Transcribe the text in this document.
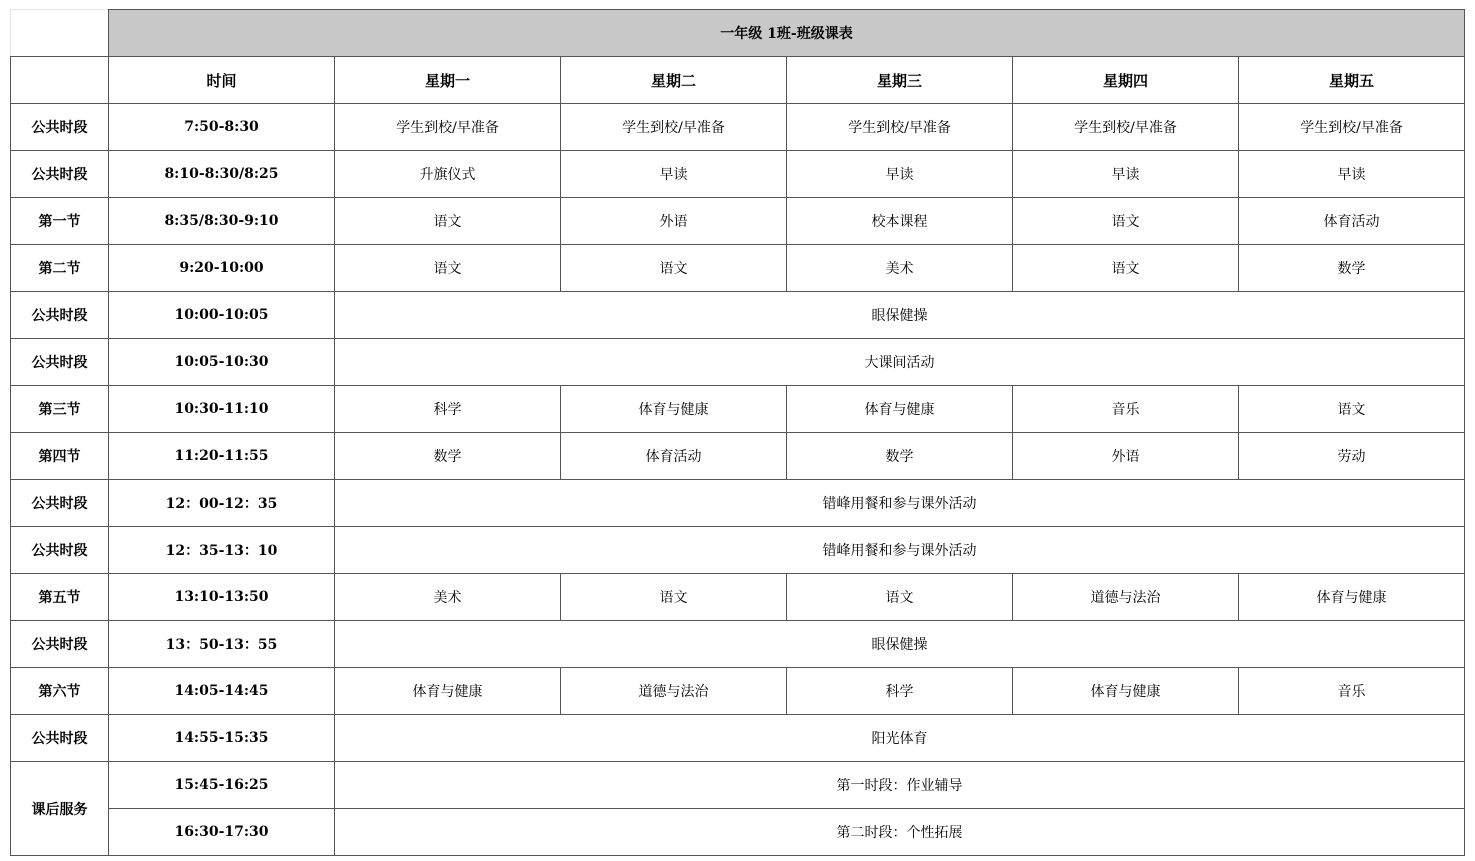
	一年级 1班-班级课表					
	时间	星期一	星期二	星期三	星期四	星期五
公共时段	7:50-8:30	学生到校/早准备	学生到校/早准备	学生到校/早准备	学生到校/早准备	学生到校/早准备
公共时段	8:10-8:30/8:25	升旗仪式	早读	早读	早读	早读
第一节	8:35/8:30-9:10	语文	外语	校本课程	语文	体育活动
第二节	9:20-10:00	语文	语文	美术	语文	数学
公共时段	10:00-10:05	眼保健操				
公共时段	10:05-10:30	大课间活动				
第三节	10:30-11:10	科学	体育与健康	体育与健康	音乐	语文
第四节	11:20-11:55	数学	体育活动	数学	外语	劳动
公共时段	12：00-12：35	错峰用餐和参与课外活动				
公共时段	12：35-13：10	错峰用餐和参与课外活动				
第五节	13:10-13:50	美术	语文	语文	道德与法治	体育与健康
公共时段	13：50-13：55	眼保健操				
第六节	14:05-14:45	体育与健康	道德与法治	科学	体育与健康	音乐
公共时段	14:55-15:35	阳光体育				
课后服务	15:45-16:25	第一时段：作业辅导				
	16:30-17:30	第二时段：个性拓展				
